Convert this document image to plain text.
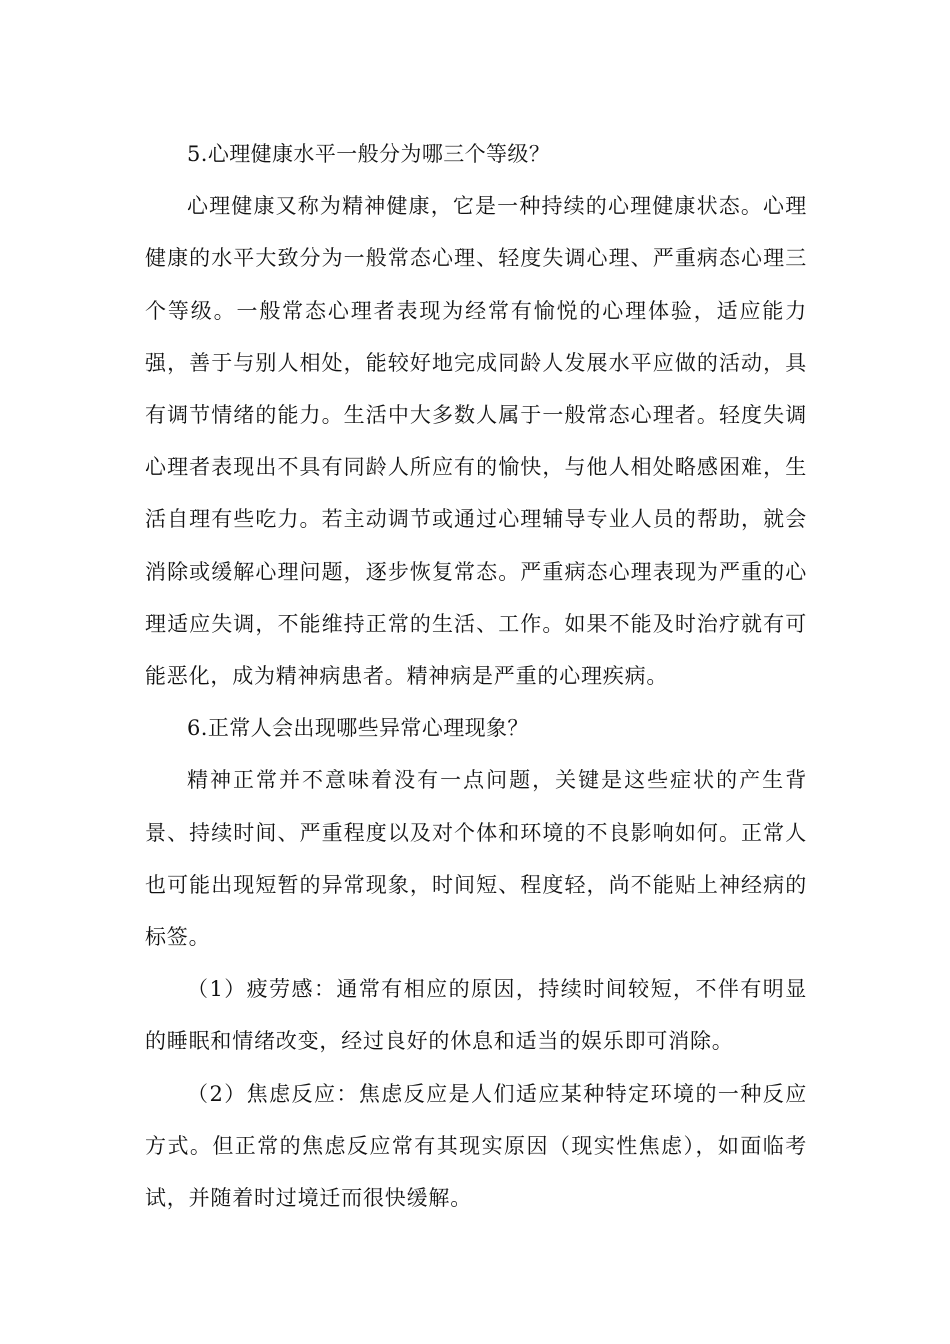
5.心理健康水平一般分为哪三个等级？

心理健康又称为精神健康，它是一种持续的心理健康状态。心理健康的水平大致分为一般常态心理、轻度失调心理、严重病态心理三个等级。一般常态心理者表现为经常有愉悦的心理体验，适应能力强，善于与别人相处，能较好地完成同龄人发展水平应做的活动，具有调节情绪的能力。生活中大多数人属于一般常态心理者。轻度失调心理者表现出不具有同龄人所应有的愉快，与他人相处略感困难，生活自理有些吃力。若主动调节或通过心理辅导专业人员的帮助，就会消除或缓解心理问题，逐步恢复常态。严重病态心理表现为严重的心理适应失调，不能维持正常的生活、工作。如果不能及时治疗就有可能恶化，成为精神病患者。精神病是严重的心理疾病。

6.正常人会出现哪些异常心理现象？

精神正常并不意味着没有一点问题，关键是这些症状的产生背景、持续时间、严重程度以及对个体和环境的不良影响如何。正常人也可能出现短暂的异常现象，时间短、程度轻，尚不能贴上神经病的标签。

（1）疲劳感：通常有相应的原因，持续时间较短，不伴有明显的睡眠和情绪改变，经过良好的休息和适当的娱乐即可消除。

（2）焦虑反应：焦虑反应是人们适应某种特定环境的一种反应方式。但正常的焦虑反应常有其现实原因（现实性焦虑），如面临考试，并随着时过境迁而很快缓解。
